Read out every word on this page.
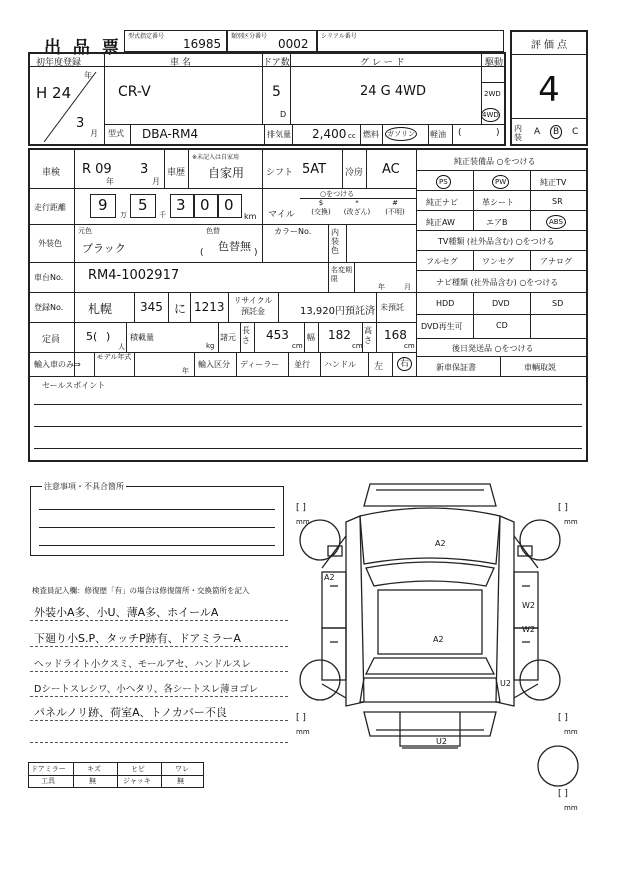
出 品 票
型式指定番号
16985
類別区分番号
0002
シリアル番号
評 価 点
4
内装
A	B	C
初年度登録	車 名	ドア数	グ レ ー ド	駆動
年
H 24
3
月
CR-V	5
D
24 G 4WD	2WD
4WD
型式 DBA-RM4	排気量 2,400 cc 燃料 ガソリン 軽油 (	)
車検 R 09
年
3
月
車歴
※未記入は自家用
自家用 シフト 5AT 冷房 AC
走行距離 9
万
5
千
3 0 0
km
○をつける
マイル
$
(交換)
*
(改ざん)
#
(不明)
外装色
元色
ブラック
色替
色替無
(	)
カラーNo. 内装色
車台No. RM4-1002917	名変期限
年	月
登録No. 札幌 345 に 1213	リサイクル預託金	13,920円預託済 未預託
定員 5( )
人
積載量
kg
諸元
長さ 453
cm
幅 182
cm
高さ 168
cm
輸入車のみ⇒
モデル年式
年
輸入区分 ディーラー 並行 ハンドル 左	右
純正装備品 ○をつける
PS	PW	純正TV
純正ナビ	革シート	SR
純正AW	エアB	ABS
TV種類 (社外品含む) ○をつける
フルセグ	ワンセグ	アナログ
ナビ種類 (社外品含む) ○をつける
HDD	DVD	SD
DVD再生可	CD
後日発送品 ○をつける
新車保証書	車輌取説
セールスポイント
注意事項・不具合箇所
検査員記入欄：修復歴「有」の場合は修復箇所・交換箇所を記入
外装小A多、小U、薄A多、ホイールA
下廻り小S.P、タッチP跡有、ドアミラーA
ヘッドライト小クスミ、モールアセ、ハンドルスレ
Dシートスレシワ、小ヘタリ、各シートスレ薄ヨゴレ
パネルノリ跡、荷室A、トノカバー不良
A2
A2
A2
W2
W2
U2
U2
[ ]
mm
[ ]
mm
[ ]
mm
[ ]
mm
[ ]
mm
ドアミラー	キズ	ヒビ	ワレ
工具	無	ジャッキ	無
